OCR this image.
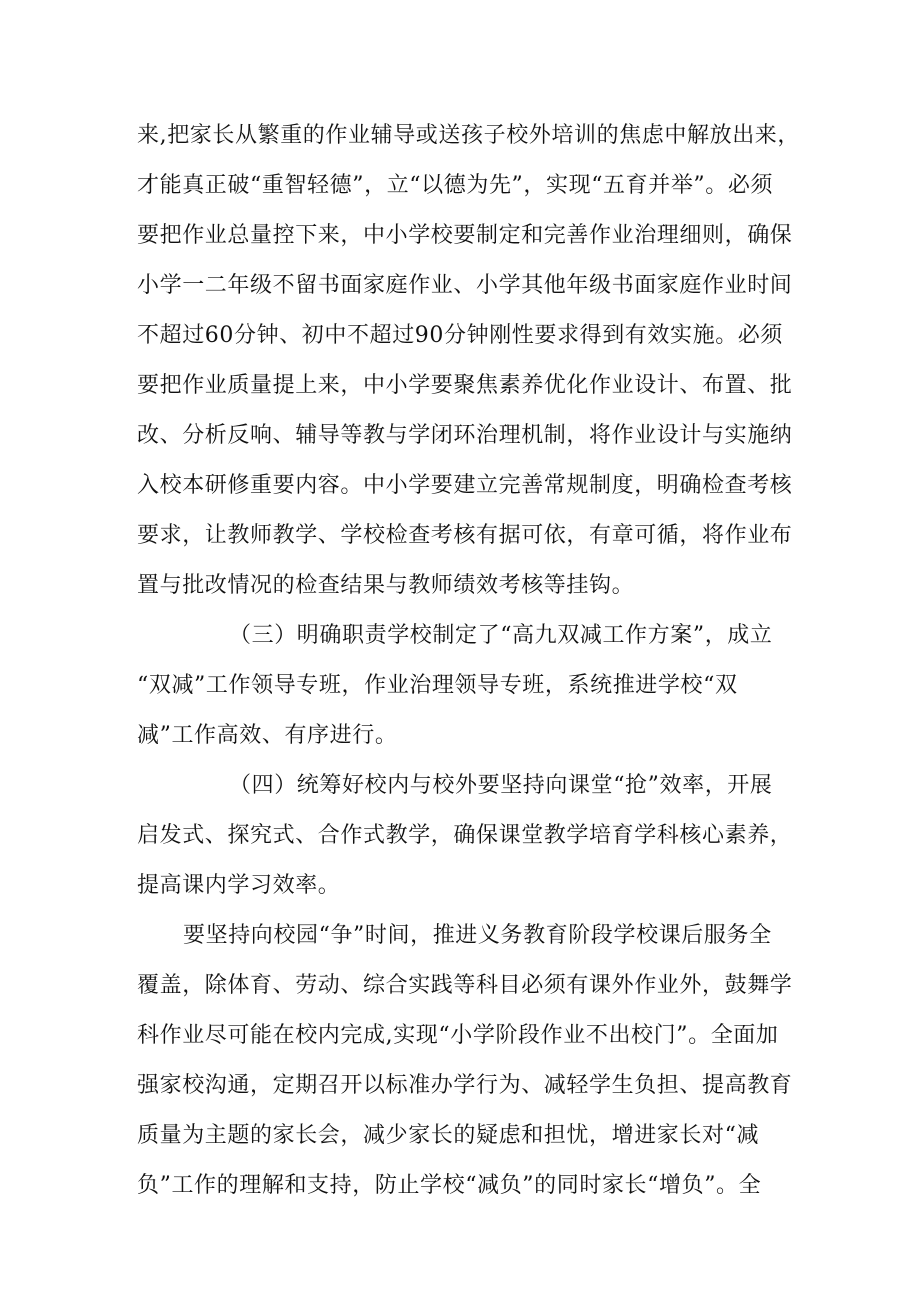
来,把家长从繁重的作业辅导或送孩子校外培训的焦虑中解放出来，
才能真正破“重智轻德”，立“以德为先”，实现“五育并举”。必须
要把作业总量控下来，中小学校要制定和完善作业治理细则，确保
小学一二年级不留书面家庭作业、小学其他年级书面家庭作业时间
不超过60分钟、初中不超过90分钟刚性要求得到有效实施。必须
要把作业质量提上来，中小学要聚焦素养优化作业设计、布置、批
改、分析反响、辅导等教与学闭环治理机制，将作业设计与实施纳
入校本研修重要内容。中小学要建立完善常规制度，明确检查考核
要求，让教师教学、学校检查考核有据可依，有章可循，将作业布
置与批改情况的检查结果与教师绩效考核等挂钩。
（三）明确职责学校制定了“高九双减工作方案”，成立
“双减”工作领导专班，作业治理领导专班，系统推进学校“双
减”工作高效、有序进行。
（四）统筹好校内与校外要坚持向课堂“抢”效率，开展
启发式、探究式、合作式教学，确保课堂教学培育学科核心素养，
提高课内学习效率。
要坚持向校园“争”时间，推进义务教育阶段学校课后服务全
覆盖，除体育、劳动、综合实践等科目必须有课外作业外，鼓舞学
科作业尽可能在校内完成,实现“小学阶段作业不出校门”。全面加
强家校沟通，定期召开以标准办学行为、减轻学生负担、提高教育
质量为主题的家长会，减少家长的疑虑和担忧，增进家长对“减
负”工作的理解和支持，防止学校“减负”的同时家长“增负”。全
